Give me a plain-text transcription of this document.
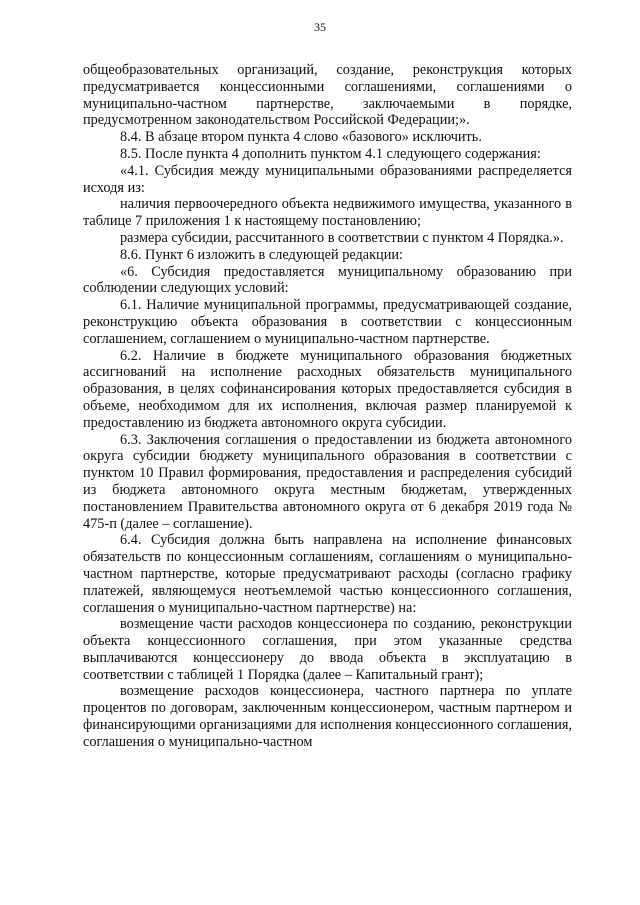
35

общеобразовательных организаций, создание, реконструкция которых предусматривается концессионными соглашениями, соглашениями о муниципально-частном партнерстве, заключаемыми в порядке, предусмотренном законодательством Российской Федерации;».

8.4. В абзаце втором пункта 4 слово «базового» исключить.

8.5. После пункта 4 дополнить пунктом 4.1 следующего содержания:

«4.1. Субсидия между муниципальными образованиями распределяется исходя из:

наличия первоочередного объекта недвижимого имущества, указанного в таблице 7 приложения 1 к настоящему постановлению;

размера субсидии, рассчитанного в соответствии с пунктом 4 Порядка.».

8.6. Пункт 6 изложить в следующей редакции:

«6. Субсидия предоставляется муниципальному образованию при соблюдении следующих условий:

6.1. Наличие муниципальной программы, предусматривающей создание, реконструкцию объекта образования в соответствии с концессионным соглашением, соглашением о муниципально-частном партнерстве.

6.2. Наличие в бюджете муниципального образования бюджетных ассигнований на исполнение расходных обязательств муниципального образования, в целях софинансирования которых предоставляется субсидия в объеме, необходимом для их исполнения, включая размер планируемой к предоставлению из бюджета автономного округа субсидии.

6.3. Заключения соглашения о предоставлении из бюджета автономного округа субсидии бюджету муниципального образования в соответствии с пунктом 10 Правил формирования, предоставления и распределения субсидий из бюджета автономного округа местным бюджетам, утвержденных постановлением Правительства автономного округа от 6 декабря 2019 года № 475-п (далее – соглашение).

6.4. Субсидия должна быть направлена на исполнение финансовых обязательств по концессионным соглашениям, соглашениям о муниципально-частном партнерстве, которые предусматривают расходы (согласно графику платежей, являющемуся неотъемлемой частью концессионного соглашения, соглашения о муниципально-частном партнерстве) на:

возмещение части расходов концессионера по созданию, реконструкции объекта концессионного соглашения, при этом указанные средства выплачиваются концессионеру до ввода объекта в эксплуатацию в соответствии с таблицей 1 Порядка (далее – Капитальный грант);

возмещение расходов концессионера, частного партнера по уплате процентов по договорам, заключенным концессионером, частным партнером и финансирующими организациями для исполнения концессионного соглашения, соглашения о муниципально-частном
